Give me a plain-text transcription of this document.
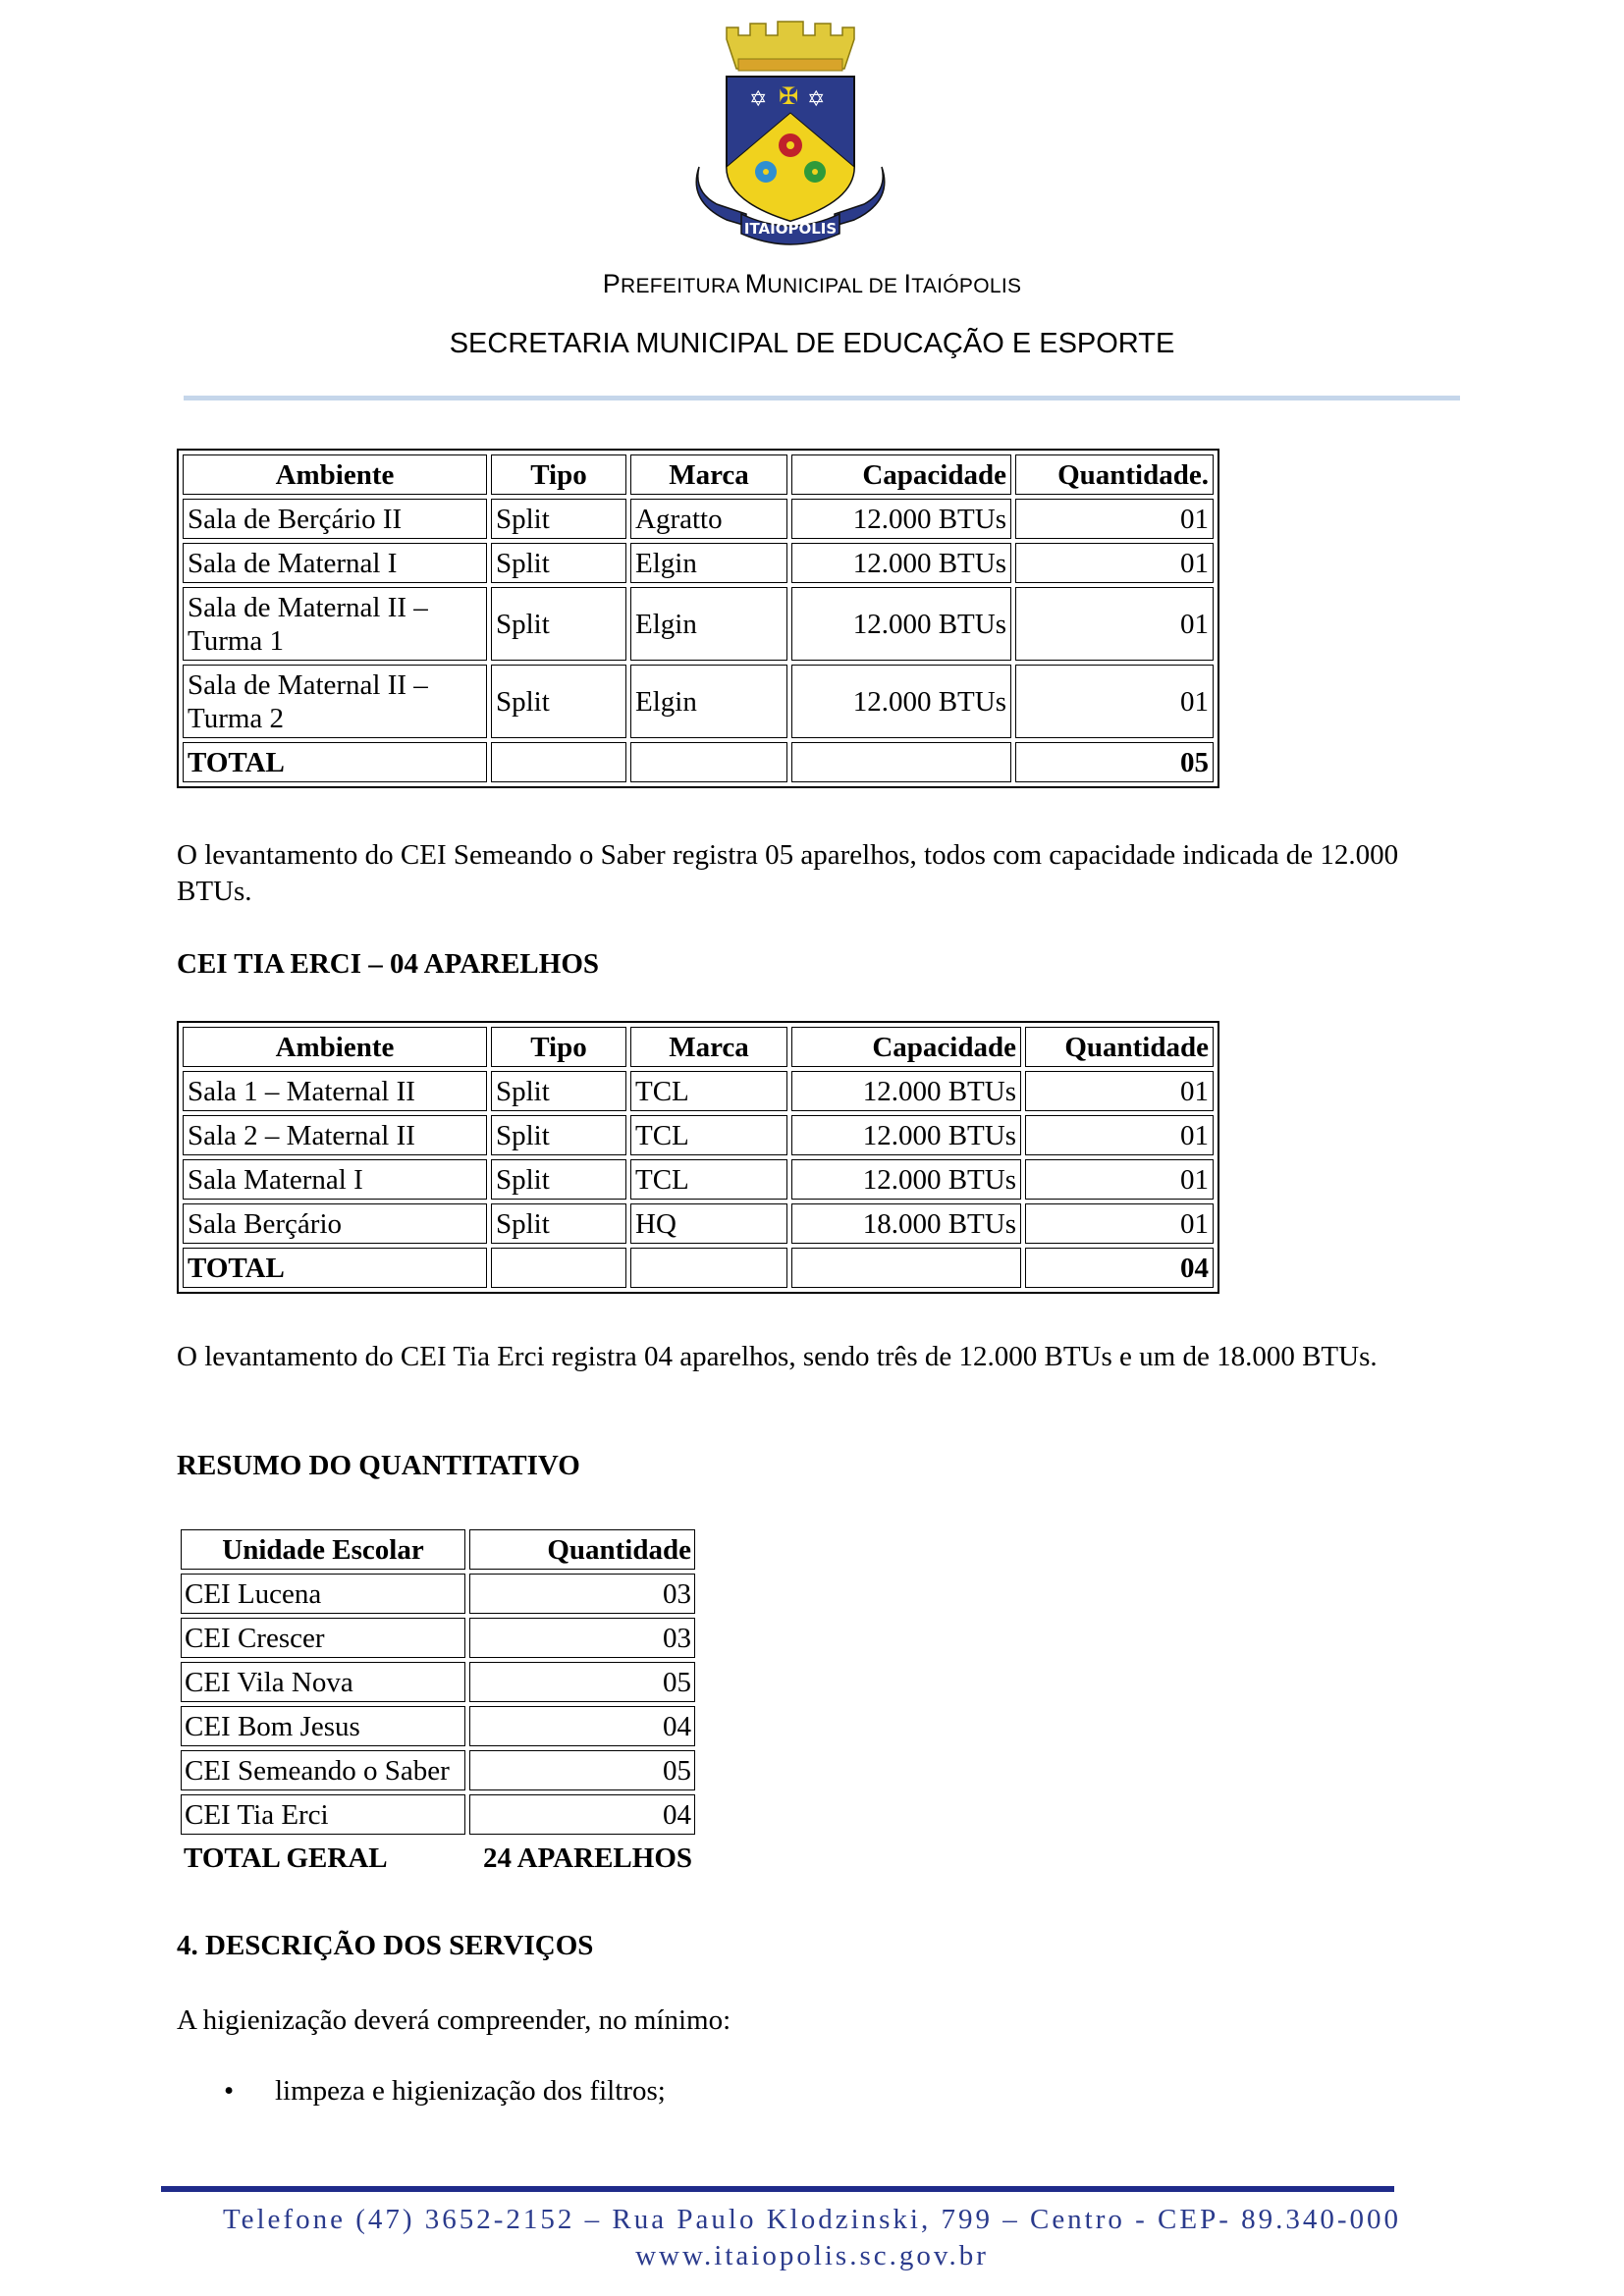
✡ ✡
✠
ITAIOPOLIS
PREFEITURA MUNICIPAL DE ITAIÓPOLIS
SECRETARIA MUNICIPAL DE EDUCAÇÃO E ESPORTE
Ambiente	Tipo	Marca	Capacidade	Quantidade.
Sala de Berçário II	Split	Agratto	12.000 BTUs	01
Sala de Maternal I	Split	Elgin	12.000 BTUs	01
Sala de Maternal II – Turma 1	Split	Elgin	12.000 BTUs	01
Sala de Maternal II – Turma 2	Split	Elgin	12.000 BTUs	01
TOTAL				05
O levantamento do CEI Semeando o Saber registra 05 aparelhos, todos com capacidade indicada de 12.000 BTUs.
CEI TIA ERCI – 04 APARELHOS
Ambiente	Tipo	Marca	Capacidade	Quantidade
Sala 1 – Maternal II	Split	TCL	12.000 BTUs	01
Sala 2 – Maternal II	Split	TCL	12.000 BTUs	01
Sala Maternal I	Split	TCL	12.000 BTUs	01
Sala Berçário	Split	HQ	18.000 BTUs	01
TOTAL				04
O levantamento do CEI Tia Erci registra 04 aparelhos, sendo três de 12.000 BTUs e um de 18.000 BTUs.
RESUMO DO QUANTITATIVO
Unidade Escolar	Quantidade
CEI Lucena	03
CEI Crescer	03
CEI Vila Nova	05
CEI Bom Jesus	04
CEI Semeando o Saber	05
CEI Tia Erci	04
TOTAL GERAL	24 APARELHOS
4. DESCRIÇÃO DOS SERVIÇOS
A higienização deverá compreender, no mínimo:
• limpeza e higienização dos filtros;
Telefone (47) 3652-2152 – Rua Paulo Klodzinski, 799 – Centro - CEP- 89.340-000
www.itaiopolis.sc.gov.br
